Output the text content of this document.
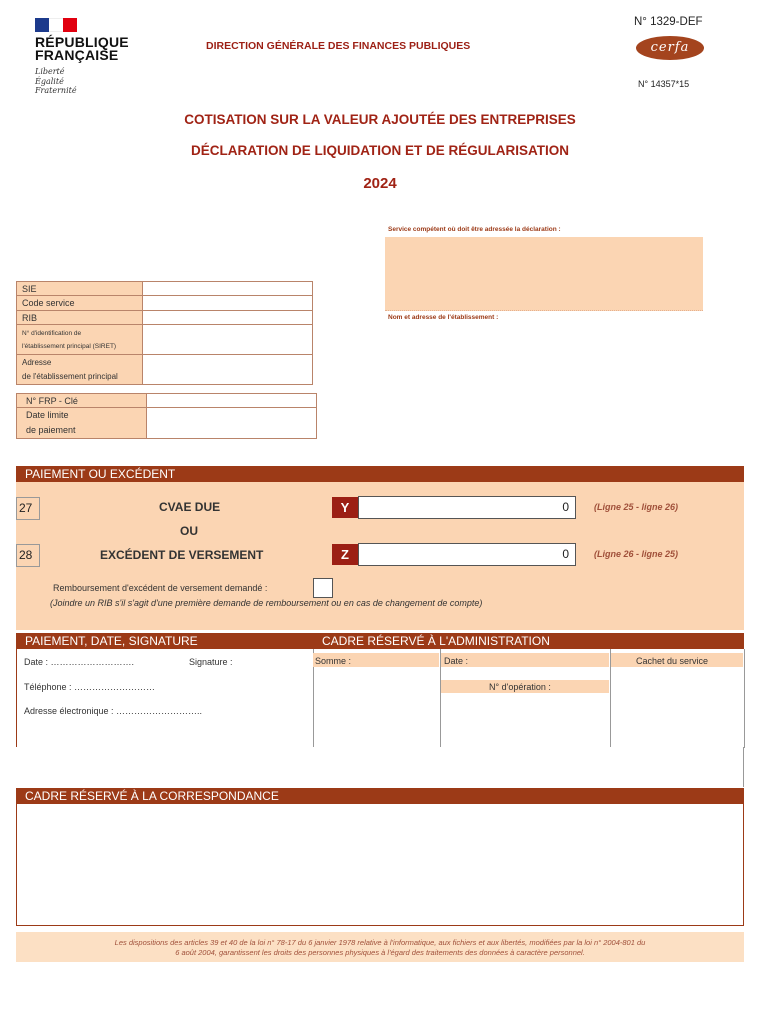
RÉPUBLIQUE
FRANÇAISE
Liberté
Égalité
Fraternité
DIRECTION GÉNÉRALE DES FINANCES PUBLIQUES
N° 1329-DEF
cerfa
N° 14357*15
COTISATION SUR LA VALEUR AJOUTÉE DES ENTREPRISES
DÉCLARATION DE LIQUIDATION ET DE RÉGULARISATION
2024
Service compétent où doit être adressée la déclaration :
Nom et adresse de l'établissement :
SIE	
Code service	
RIB	

N° d'identification de
l'établissement principal (SIRET)	

Adresse
de l'établissement principal	

N° FRP - Clé	

Date limite
de paiement	

PAIEMENT OU EXCÉDENT
27	CVAE DUE	Y	0	(Ligne 25 - ligne 26)
OU
28	EXCÉDENT DE VERSEMENT	Z	0	(Ligne 26 - ligne 25)
Remboursement d'excédent de versement demandé :
(Joindre un RIB s'il s'agit d'une première demande de remboursement ou en cas de changement de compte)
PAIEMENT, DATE, SIGNATURE
Date : ……………………….	Signature :
Téléphone : ………………………
Adresse électronique : ………………………..
CADRE RÉSERVÉ À L'ADMINISTRATION
Somme :	Date :	Cachet du service
N° d'opération :
CADRE RÉSERVÉ À LA CORRESPONDANCE
Les dispositions des articles 39 et 40 de la loi n° 78-17 du 6 janvier 1978 relative à l'informatique, aux fichiers et aux libertés, modifiées par la loi n° 2004-801 du
6 août 2004, garantissent les droits des personnes physiques à l'égard des traitements des données à caractère personnel.
